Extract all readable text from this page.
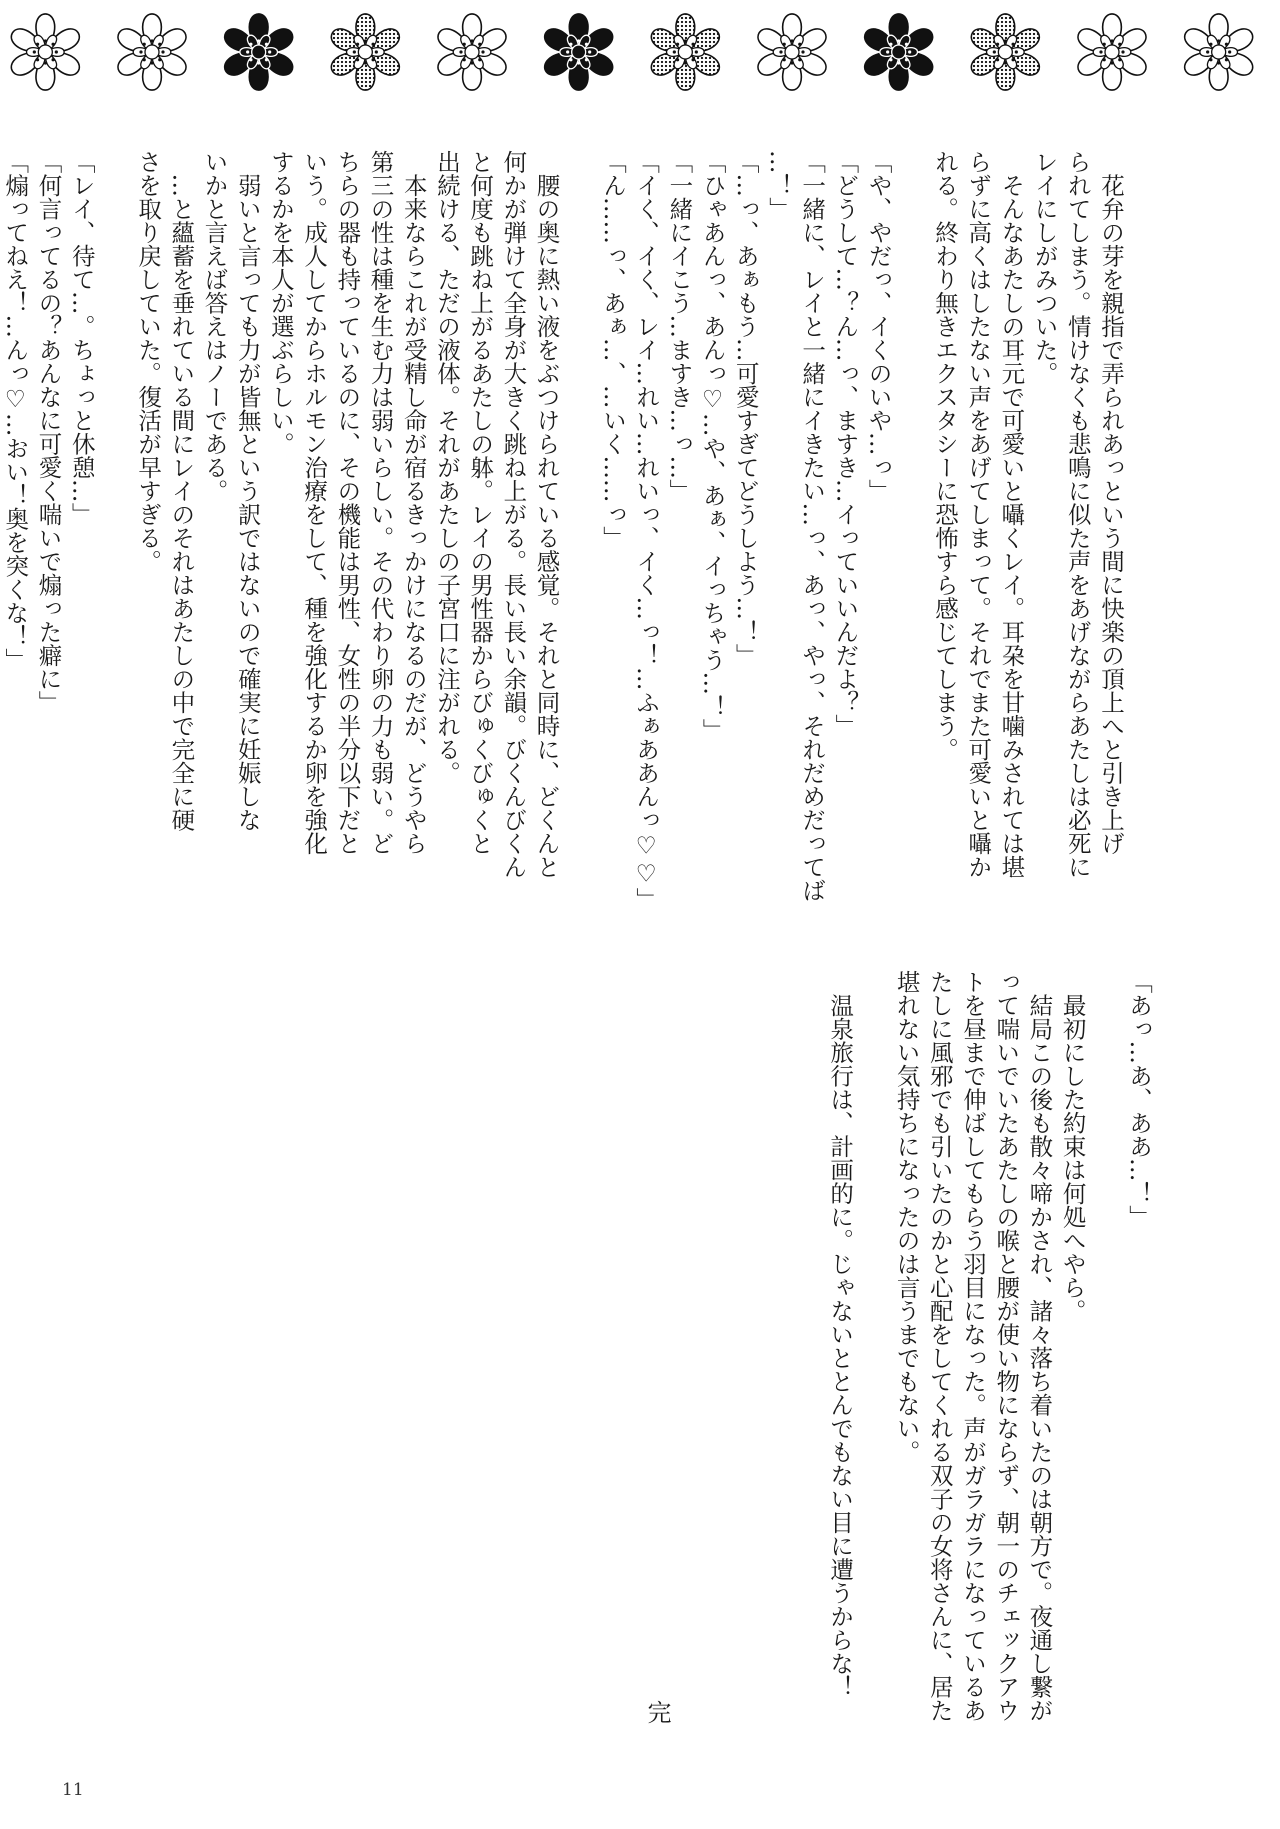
　花弁の芽を親指で弄られあっという間に快楽の頂上へと引き上げ

られてしまう。情けなくも悲鳴に似た声をあげながらあたしは必死に

レイにしがみついた。

　そんなあたしの耳元で可愛いと囁くレイ。耳朶を甘噛みされては堪

らずに高くはしたない声をあげてしまって。それでまた可愛いと囁か

れる。終わり無きエクスタシーに恐怖すら感じてしまう。

「や、やだっ、イくのいや…っ」

「どうして…？ん…っ、ますき…イっていいんだよ？」

「一緒に、レイと一緒にイきたい…っ、あっ、やっ、それだめだってば

…！」

「…っ、あぁもう…可愛すぎてどうしよう…！」

「ひゃあんっ、あんっ♡…や、あぁ、イっちゃう…！」

「一緒にイこう…ますき…っ…」

「イく、イく、レイ…れい…れいっ、イく…っ！…ふぁああんっ♡♡」

「ん……っ、あぁ…、…いく……っ」

　腰の奥に熱い液をぶつけられている感覚。それと同時に、どくんと

何かが弾けて全身が大きく跳ね上がる。長い長い余韻。びくんびくん

と何度も跳ね上がるあたしの躰。レイの男性器からびゅくびゅくと

出続ける、ただの液体。それがあたしの子宮口に注がれる。

　本来ならこれが受精し命が宿るきっかけになるのだが、どうやら

第三の性は種を生む力は弱いらしい。その代わり卵の力も弱い。ど

ちらの器も持っているのに、その機能は男性、女性の半分以下だと

いう。成人してからホルモン治療をして、種を強化するか卵を強化

するかを本人が選ぶらしい。

　弱いと言っても力が皆無という訳ではないので確実に妊娠しな

いかと言えば答えはノーである。

　…と蘊蓄を垂れている間にレイのそれはあたしの中で完全に硬

さを取り戻していた。復活が早すぎる。

「レイ、待て…。ちょっと休憩…」

「何言ってるの？あんなに可愛く喘いで煽った癖に」

「煽ってねえ！…んっ♡…おい！奥を突くな！」

「あっ…あ、ああ…！」

　最初にした約束は何処へやら。

　結局この後も散々啼かされ、諸々落ち着いたのは朝方で。夜通し繋が

って喘いでいたあたしの喉と腰が使い物にならず、朝一のチェックアウ

トを昼まで伸ばしてもらう羽目になった。声がガラガラになっているあ

たしに風邪でも引いたのかと心配をしてくれる双子の女将さんに、居た

堪れない気持ちになったのは言うまでもない。

　温泉旅行は、計画的に。じゃないととんでもない目に遭うからな！

完
11
